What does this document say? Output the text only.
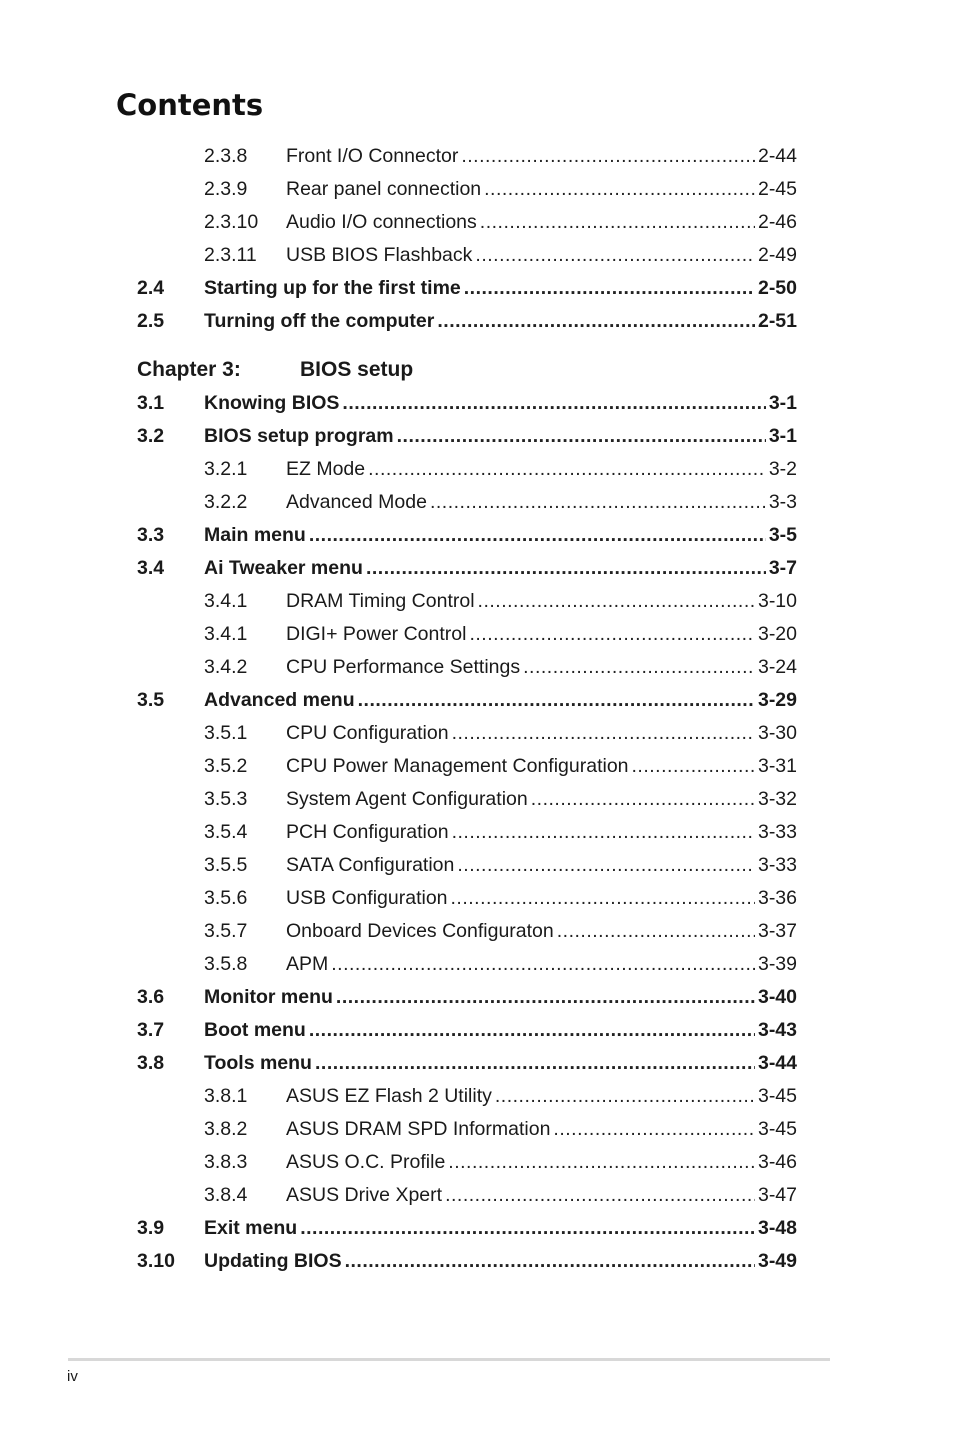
Contents
Chapter 3:	BIOS setup
2.3.8 Front I/O Connector .....	2-44
2.3.9 Rear panel connection .....	2-45
2.3.10 Audio I/O connections .....	2-46
2.3.11 USB BIOS Flashback .....	2-49
2.4 Starting up for the first time .....	2-50
2.5 Turning off the computer .....	2-51
3.1 Knowing BIOS .....	3-1
3.2 BIOS setup program .....	3-1
3.2.1 EZ Mode .....	3-2
3.2.2 Advanced Mode .....	3-3
3.3 Main menu .....	3-5
3.4 Ai Tweaker menu .....	3-7
3.4.1 DRAM Timing Control .....	3-10
3.4.1 DIGI+ Power Control .....	3-20
3.4.2 CPU Performance Settings .....	3-24
3.5 Advanced menu .....	3-29
3.5.1 CPU Configuration .....	3-30
3.5.2 CPU Power Management Configuration .....	3-31
3.5.3 System Agent Configuration .....	3-32
3.5.4 PCH Configuration .....	3-33
3.5.5 SATA Configuration .....	3-33
3.5.6 USB Configuration .....	3-36
3.5.7 Onboard Devices Configuraton .....	3-37
3.5.8 APM .....	3-39
3.6 Monitor menu .....	3-40
3.7 Boot menu .....	3-43
3.8 Tools menu .....	3-44
3.8.1 ASUS EZ Flash 2 Utility .....	3-45
3.8.2 ASUS DRAM SPD Information .....	3-45
3.8.3 ASUS O.C. Profile .....	3-46
3.8.4 ASUS Drive Xpert .....	3-47
3.9 Exit menu .....	3-48
3.10 Updating BIOS .....	3-49
iv
